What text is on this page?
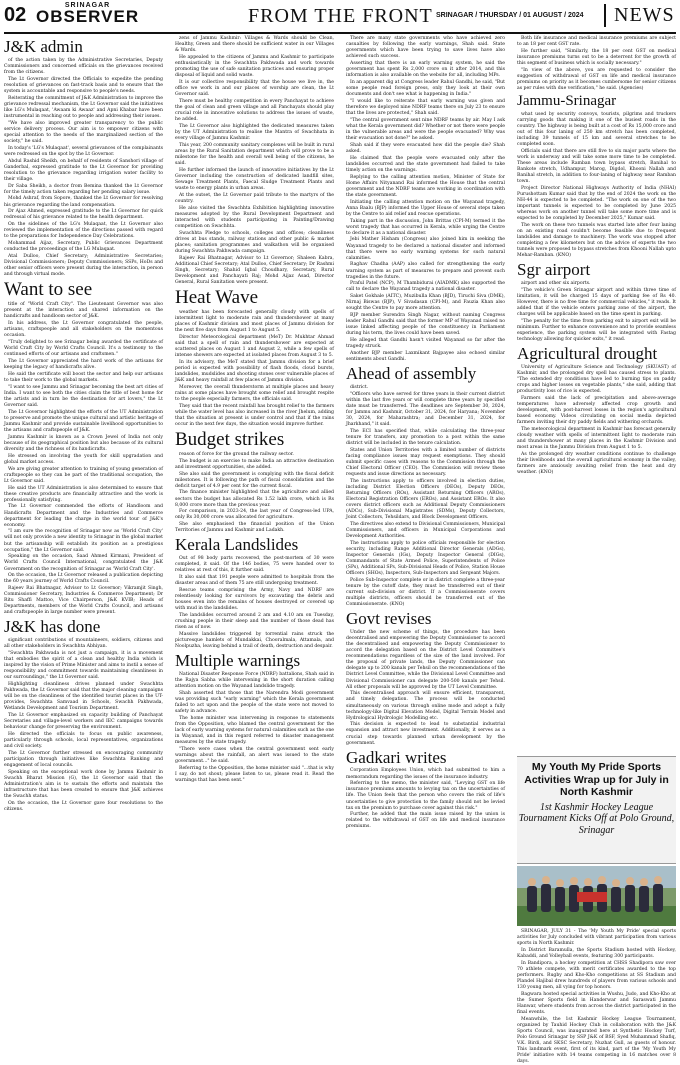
02	SRINAGAR
OBSERVER	FROM THE FRONT SRINAGAR / THURSDAY / 01 AUGUST / 2024	NEWS
J&K admin

of the action taken by the Administrative Secretaries, Deputy Commissioners and concerned officials on the grievances received from the citizens.

The Lt Governor directed the Officials to expedite the pending resolution of grievances on fast-track basis and to ensure that the system is accountable and responsive to people's needs.

Reiterating the commitment of J&K Administration to improve the grievance redressal mechanism, the Lt Governor said the initiatives like LG's Mulaqaat, 'Awaam ki Awaaz' and Apni Khabar have been instrumental in reaching out to people and addressing their issues.

"We have also improved greater transparency to the public service delivery process. Our aim is to empower citizens with special attention to the needs of the marginalized section of the society," he said.

In today's 'LG's Mulaqaat', several grievances of the complainants were redressed on the spot by the Lt Governor.

Abdul Rashid Sheikh, on behalf of residents of Sanshori village of Ganderbal, expressed gratitude to the Lt Governor for providing resolution to the grievance regarding irrigation water facility to their village.

Dr Saba Sheikh, a doctor from Bemina thanked the Lt Governor for the timely action taken regarding her pending salary issue.

Mohd Ashraf, from Sopore, thanked the Lt Governor for resolving his grievance regarding the land compensation.

Dr Ajaz Ahmed, expressed gratitude to the Lt Governor for quick redressal of his grievance related to the health department.

On the sidelines of the LG's Mulaqaat, the Lt Governor also reviewed the implementation of the directions passed with regard to the preparations for Independence Day Celebrations.

Mohammad Aijaz, Secretary, Public Grievances Department conducted the proceedings of the LG Mulaqaat.

Atal Dulloo, Chief Secretary; Administrative Secretaries; Divisional Commissioners; Deputy Commissioners; SSPs, HoDs and other senior officers were present during the interaction, in person and through virtual mode.

Want to see

title of "World Craft City". The Lieutenant Governor was also present at the interaction and shared information on the handicrafts and handloom sector of J&K.

In his address, the Lt Governor congratulated the people, artisans, craftspeople and all stakeholders on the momentous occasion.

"Truly delighted to see Srinagar being awarded the certificate of World Craft City by World Crafts Council. It's a testimony to the continued efforts of our artisans and craftsmen."

The Lt Governor appreciated the hard work of the artisans for keeping the legacy of handicrafts alive.

He said the certificate will boost the sector and help our artisans to take their work to the global markets.

"I want to see Jammu and Srinagar becoming the best art cities of India. I want to see both the cities claim the title of best home for the artists and in turn be the destination for art lovers," the Lt Governor said.

The Lt Governor highlighted the efforts of the UT Administration to preserve and promote the unique cultural and artistic heritage of Jammu Kashmir and provide sustainable livelihood opportunities to the artisans and craftspeople of J&K.

Jammu Kashmir is known as a Crown Jewel of India not only because of its geographical position but also because of its cultural diversity and the richness of its handicrafts.

He stressed on involving the youth for skill upgradation and global market access.

We are giving greater attention to training of young generation of craftspeople so they can be part of the traditional occupation, the Lt Governor said.

He said the UT Administration is also determined to ensure that these creative products are financially attractive and the work is professionally satisfying.

The Lt Governor commended the efforts of Handloom and Handicrafts Department and the Industries and Commerce department for leading the charge in the world tour of J&K's economy.

"I am sure the recognition of Srinagar now as 'World Craft City' will not only provide a new identity to Srinagar in the global market but the artisanship will establish its position as a prestigious occupation," the Lt Governor said.

Speaking on the occasion, Saad Ahmed Kirmani, President of World Crafts Council International, congratulated the J&K Government on the recognition of Srinagar as 'World Craft City'.

On the occasion, the Lt Governor released a publication depicting the 60 years journey of World Crafts Council.

Rajeev Rai Bhatnagar, Advisor to Lt Governor; Vikramjit Singh, Commissioner Secretary, Industries & Commerce Department; Dr Ritu Shaffi Mattoo, Vice Chairperson, J&K KVIB; Heads of Departments, members of the World Crafts Council, and artisans and craftspeople in large number were present.

J&K has done

significant contributions of mountaineers, soldiers, citizens and all other stakeholders in Swachhta Abhiyan.

"Swachhta Pakhwada is not just a campaign, it is a movement that embodies the spirit of a clean and healthy India which is inspired by the vision of Prime Minister and aims to instil a sense of responsibility and commitment towards maintaining cleanliness in our surroundings," the Lt Governor said.

Highlighting cleanliness drives planned under Swachhta Pakhwada, the Lt Governor said that the major cleaning campaigns will be on the cleanliness of the identified tourist places in the UT-provides, Swachhta Samvaad in Schools, Swachh Pakhwada, Wetlands Development and Tourism Department.

The Lt Governor emphasized on capacity building of Panchayat Secretaries and village-level workers and IEC campaigns towards behaviour change for preserving the environment.

He directed the officials to focus on public awareness, particularly through schools, local representatives, organizations and civil society.

The Lt Governor further stressed on encouraging community participation through initiatives like Swachhta Ranking and engagement of local councils.

Speaking on the exceptional work done by Jammu Kashmir in Swachh Bharat Mission (G), the Lt Governor said that the Administration's aim is to sustain the efforts and maintain the infrastructure that has been created to ensure that J&K achieves the Swachh status.

On the occasion, the Lt Governor gave four resolutions to the citizens.

zens of Jammu Kashmir: Villages & Wards should be Clean, Healthy, Green and there should be sufficient water in our Villages & Wards.

He appealed to the citizens of Jammu and Kashmir to participate enthusiastically in the Swachhta Pakhwada and work towards promoting the use of safe sanitation practices and ensuring proper disposal of liquid and solid waste.

It is our collective responsibility that the house we live in, the office we work in and our places of worship are clean, the Lt Governor said.

There must be healthy competition in every Panchayat to achieve the goal of clean and green village and all Panchayats should play crucial role in innovative solutions to address the issues of waste, he added.

The Lt Governor also highlighted the dedicated measures taken by the UT Administration to realise the Mantra of Swachhata in every village of Jammu Kashmir.

This year, 200 community sanitary complexes will be built in rural areas by the Rural Sanitation department which will prove to be a milestone for the health and overall well being of the citizens, he said.

He further informed the launch of innovative initiatives by the Lt Governor including the construction of dedicated landfill sites, Sewage Treatment Plants, Faecal Sludge Treatment Plants and waste to energy plants in urban areas.

At the outset, the Lt Governor paid tribute to the martyrs of the country.

He also visited the Swachhta Exhibition highlighting innovative measures adopted by the Rural Development Department and interacted with students participating in Painting/Drawing competition on Swachhta.

Swachhta Pledge to schools, colleges and offices; cleanliness drives at bus stands, railway stations and other public & market places; sanitation programmes and walkathon will be organised during Swachhta Pakhwada campaign.

Rajeev Rai Bhatnagar, Advisor to Lt Governor; Shaleen Kabra, Additional Chief Secretary; Atal Dulloo, Chief Secretary; Dr Rashmi Singh, Secretary; Shahid Iqbal Choudhary, Secretary, Rural Development and Panchayati Raj; Mohd Aijaz Asad, Director General, Rural Sanitation were present.

Heat Wave

weather has been forecasted generally cloudy with spells of intermittent light to moderate rain and thundershower at many places of Kashmir division and most places of Jammu division for the next five days from August 1 to August 5.

Director Meteorological department (MeT) Dr. Mukhtar Ahmad said that a spell of rain and thundershower are expected at scattered places on August 1 and August 2, while a few spells of intense showers are expected at isolated places from August 3 to 5.

In its advisory, the MeT stated that Jammu division for a brief period is expected with possibility of flash floods, cloud bursts, landslides, mudslides and shooting stones over vulnerable places of J&K and heavy rainfall at few places of Jammu division.

Moreover, the overall thunderstorm at multiple places and heavy rains at some places have brought some relief and brought respite to the people especially farmers, the officials said.

They said that the recent rainfall has brought relief to the farmers while the water level has also increased in the river Jhelum, adding that the situation at present is under control and that if the rains occur in the next few days, the situation would improve further.

Budget strikes

reason of force for the ground the railway sector.

The budget is an exercise to make India an attractive destination and investment opportunities, she added.

She also said the government is complying with the fiscal deficit milestones. It is following the path of fiscal consolidation and the deficit target of 4.9 per cent for the current fiscal.

The finance minister highlighted that the agriculture and allied sectors the budget has allocated Rs 1.52 lakh crore, which is Rs 8,000 crore more than the previous year.

For comparison, in 2023-24, the last year of Congress-led UPA, only Rs 30,000 crore was allocated for agriculture.

She also emphasised the financial position of the Union Territories of Jammu and Kashmir and Ladakh.

Kerala Landslides

Out of 98 body parts recovered, the post-mortem of 30 were completed, it said. Of the 146 bodies, 75 were handed over to relatives at rest of this, it further said.

It also said that 191 people were admitted to hospitals from the disaster areas and of them 75 are still undergoing treatment.

Rescue teams comprising the Army, Navy and NDRF are relentlessly looking for survivors by excavating the debris and houses even into the remains of houses destroyed or covered up with mud in the landslides.

The landslides occurred around 2 am and 4.10 am on Tuesday, crushing people in their sleep and the number of those dead has risen as of now.

Massive landslides triggered by torrential rains struck the picturesque hamlets of Mundakkai, Chooralmala, Attamala, and Noolpuzha, leaving behind a trail of death, destruction and despair.

Multiple warnings

National Disaster Response Force (NDRF) battalions, Shah said in the Rajya Sabha while intervening in the short duration calling attention motion on the Wayanad landslide tragedy.

Shah asserted that those that the Narendra Modi government was providing such "early warning" which the Kerala government failed to act upon and the people of the state were not moved to safety in advance.

The home minister was intervening in response to statements from the Opposition, who blamed the central government for the lack of early warning systems for natural calamities such as the one in Wayanad, and in this regard referred to disaster management measures by the state tragedy.

"There were cases when the central government sent early warnings about the rainfall, an alert was issued to the state government..." he said.

Referring to the Opposition, the home minister said "...that is why I say, do not shout; please listen to us, please read it. Read the warnings that has been sent."

There are many state governments who have achieved zero casualties by following the early warnings, Shah said. State governments which have been trying to save lives have also achieved such success.

Asserting that there is an early warning system, he said the government has spent Rs 2,000 crore on it after 2014, and this information is also available on the website for all, including MPs.

In an apparent dig at Congress leader Rahul Gandhi, he said, "But some people read foreign press, only they look at their own documents and don't see what is happening in India."

"I would like to reiterate that early warning was given and therefore we deployed nine NDRF teams there on July 23 to ensure that the lives are protected," Shah said.

"The central government sent nine NDRF teams by air. May I ask what the Kerala government did? Whether or not there were people in the vulnerable areas and were the people evacuated? Why was their evacuation not done?" he asked.

Shah said if they were evacuated how did the people die? Shah asked.

He claimed that the people were evacuated only after the landslides occurred and the state government had failed to take timely action on the warnings.

Replying to the calling attention motion, Minister of State for Home Affairs Nityanand Rai informed the House that the central government and the NDRF teams are working in coordination with the state government.

Initiating the calling attention motion on the Wayanad tragedy, Anna Baalu (BJP) informed the Upper House of several steps taken by the Centre to aid relief and rescue operations.

Taking part in the discussion, John Brittas (CPI-M) termed it the worst tragedy that has occurred in Kerala, while urging the Centre to declare it as a national disaster.

Jebi Mather Hisham (Congress) also joined him in seeking the Wayanad tragedy to be declared a national disaster and informed that there were no early warning systems for such natural calamities.

Raghav Chadha (AAP) also called for strengthening the early warning system as part of measures to prepare and prevent such tragedies in the future.

Praful Patel (NCP), M Thambidurai (AIADMK) also supported the call to declare the Wayanad tragedy a national disaster.

Saket Gokhale (AITC), Muzibulla Khan (BJD), Tiruchi Siva (DMK), Nirnaj Biswas (BJP), V Sivadasan (CPI-M), and Fauzia Khan also sought the Centre to pay more attention.

BJP member Surendra Singh Nagar, without naming Congress leader Rahul Gandhi said that the former MP of Wayanad raised no issue linked affecting people of the constituency in Parliament during his term, the lives could have been saved.

He alleged that Gandhi hasn't visited Wayanad so far after the tragedy struck.

Another BJP member Laxmikant Bajpayee also echoed similar sentiments about Gandhi.

Ahead of assembly

district.

"Officers who have served for three years in their current district within the last five years or will complete three years by specified date must be transferred. The deadlines are September 30, 2024, for Jammu and Kashmir, October 31, 2024, for Haryana; November 30, 2024, for Maharashtra; and December 31, 2024, for Jharkhand," it said.

The ECI has specified that, while calculating the three-year tenure for transfers, any promotion to a post within the same district will be included in the tenure calculation.

States and Union Territories with a limited number of districts facing compliance issues may request exemptions. They should submit specific cases with reasons to the Commission through the Chief Electoral Officer (CEO). The Commission will review these requests and issue directions as necessary.

The instructions apply to officers involved in election duties, including District Election Officers (DEOs), Deputy DEOs, Returning Officers (ROs), Assistant Returning Officers (AROs), Electoral Registration Officers (EROs), and Assistant EROs. It also covers district officers such as Additional Deputy Commissioners (ADCs), Sub-Divisional Magistrates (SDMs), Deputy Collectors, Joint Collectors, Tehsildars, and Block Development Officers.

The directives also extend to Divisional Commissioners, Municipal Commissioners, and officers in Municipal Corporations and Development Authorities.

The instructions apply to police officials responsible for election security, including Range Additional Director Generals (ADGs), Inspector Generals (IGs), Deputy Inspector General (DIGs), Commandants of State Armed Police, Superintendents of Police (SPs), Additional SPs, Sub-Divisional Heads of Police, Station House Officers (SHOs), Inspectors, Sub-Inspectors and Sergeant Majors.

Police Sub-Inspector complete or in district complete a three-year tenure by the cutoff date, they must be transferred out of their current sub-division or district. If a Commissionerate covers multiple districts, officers should be transferred out of the Commissionerate. (KNO)

Govt revises

Under the new scheme of things, the procedure has been decentralised and empowering the Deputy Commissioner to accord the decentralised and empowering the Deputy Commissioner to accord the delegation based on the District Level Committee's recommendations regardless of the size of the land involved. For the proposal of private lands, the Deputy Commissioner can delegate up to 200 kanals per Tehsil on the recommendations of the District Level Committee, while the Divisional Level Committee and Divisional Commissioner can delegate 200-500 kanals per Tehsil. All other proposals will be approved by the UT Level Committee.

This decentralised approach will ensure efficient, transparent, and timely delegation. The process will be conducted simultaneously on various through online mode and adopt a fully technology-like Digital Elevation Model, Digital Terrain Model and Hydrological Hydrologic Modelling etc.

This decision is expected to lead to substantial industrial expansion and attract new investment. Additionally, it serves as a crucial step towards planned urban development by the government.

Gadkari writes

Corporation Employees Union, which had submitted to him a memorandum regarding the issues of the insurance industry.

Referring to the memo, the minister said, "Levying GST on life insurance premiums amounts to levying tax on the uncertainties of life. The Union feels that the person who covers the risk of life's uncertainties to give protection to the family should not be levied tax on the premium to purchase cover against this risk."

Further, he added that the main issue raised by the union is related to the withdrawal of GST on life and medical insurance premiums.

Both life insurance and medical insurance premiums are subject to an 18 per cent GST rate.

He further said, "Similarly, the 18 per cent GST on medical insurance premiums turns out to be a deterrent for the growth of this segment of business which is socially necessary."

"In view of the above, you are requested to consider the suggestion of withdrawal of GST on life and medical insurance premiums on priority as it becomes cumbersome for senior citizens as per rules with due verification," he said. (Agencies)

Jammu-Srinagar

what used by security convoys, tourists, pilgrims and truckers carrying goods that making it one of the busiest roads in the country. The highway is being built at a cost of Rs 15,000 crore and out of this four laning of 250 km stretch has been completed, including 39 tunnels of 15 km and several stretches to be completed soon.

Officials said that there are still five to six major parts where the work is underway and will take some more time to be completed. These areas include Ramban town bypass stretch, Banihal to Bankote stretch, Udhampur, Marog, Digdol, Khooni Nallah and Banihal stretch, in addition to four-laning of highway near Ramban town.

Project Director National Highways Authority of India (NHAI) Purushottam Kumar said that by the end of 2024 the work on the NH-44 is expected to be completed. "The work on one of the two important tunnels is expected to be completed by June 2025 whereas work on another tunnel will take some more time and is expected to be completed by December 2025," Kumar said.

The work on these two tunnels was started late after four laning on an existing road couldn't become feasible due to frequent landslides and damage to machinery. The work was stopped after completing a few kilometers but on the advice of experts the two tunnels were proposed to bypass stretches from Khooni Nallah upto Mehar-Ramban. (KNO)

Sgr airport

airport and other six airports.

"The vehicle's Green Srinagar airport and within three time of limitation, it will be charged 15 days of parking fee of Rs 40. However, there is no free time for commercial vehicles," it reads. It added that if the vehicle enters parking zone of the airport, the charges will be applicable based on the time spent in parking.

"The penalty for the time from parking exit to airport exit will be minimum. Further to enhance convenience and to provide seamless experience, the parking system will be integrated with Fastag technology allowing for quicker exits," it read.

Agricultural drought

University of Agriculture Science and Technology (SKUAST) of Kashmir, and the prolonged dry spell has caused stress to plants. "The extended dry conditions have led to burning tips on paddy crops and higher losses on vegetable plants," she said, adding that productivity loss of rice is expected.

Farmers said the lack of precipitation and above-average temperatures have adversely affected crop growth and development, with post-harvest losses in the region's agricultural based economy. Videos circulating on social media depicted farmers inviting their dry paddy fields and withering orchards.

The meteorological department in Kashmir has forecast generally cloudy weather with spells of intermittent light to moderate rain and thundershower at many places in the Kashmir Division and most areas in the Jammu Division from August 1 to 5.

As the prolonged dry weather conditions continue to challenge their livelihoods and the overall agricultural economy in the valley, farmers are anxiously awaiting relief from the heat and dry weather. (KNO)

My Youth My Pride Sports Activities Wrap up for July in North Kashmir
1st Kashmir Hockey League Tournament Kicks Off at Polo Ground, Srinagar

SRINAGAR, JULY 31 - The 'My Youth My Pride' special sports activities for July concluded with vibrant participation from various sports in North Kashmir.

In District Baramulla, the Sports Stadium hosted with Hockey, Kabaddi, and Volleyball events, featuring 300 participants.

In Bandipora, a hockey competition at CHSS Shadipora saw over 70 athlete compete, with merit certificates awarded to the top performers. Rugby and Kho-Kho competitions at SS Stadium and Plandel Hajibal drew hundreds of players from various schools and 130 young men, all vying for top honors.

Bagwara hosted special activities in Wushu, Judo, and Kho-Kho at the Sumer Sports field in Handerwar and Saraswati Jammu Hanwar, where students from across the district participated in the final events.

Meanwhile, the 1st Kashmir Hockey League Tournament, organized by Tauhid Hockey Club in collaboration with the J&K Sports Council, was inaugurated here at Synthetic Hockey Turf, Polo Ground Srinagar by SSP J&K of BSF, Syed Muhammad Shafiq, V.K. Birdi, and SKSC Secretary, Nuzhat Gull, as guests of honour. This landmark event, first of its kind, part of the 'My Youth My Pride' initiative with 14 teams competing in 16 matches over 8 days.
